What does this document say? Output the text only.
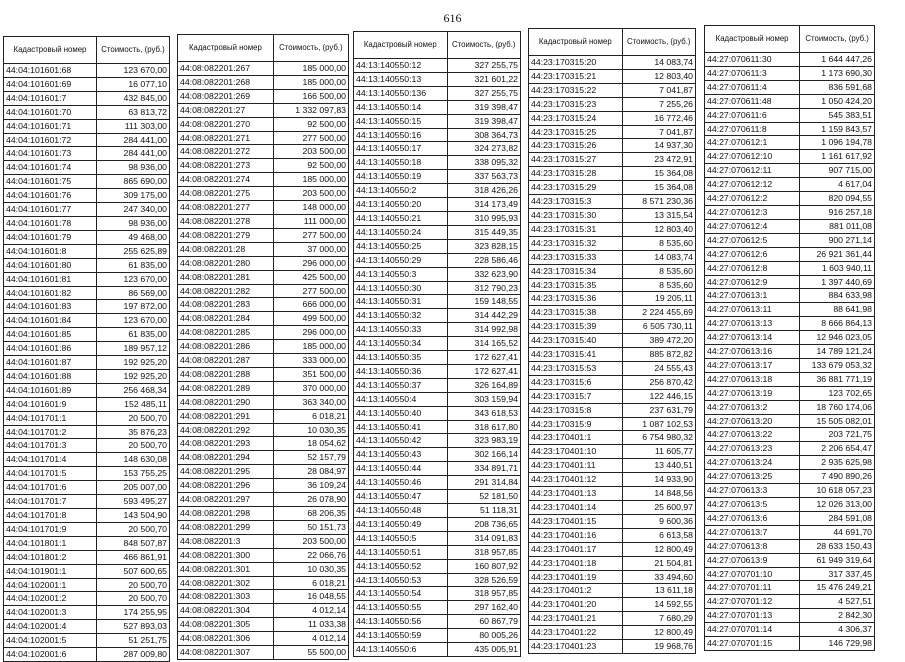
616
Кадастровый номер	Стоимость, (руб.)
44:04:101601:68	123 670,00
44:04:101601:69	16 077,10
44:04:101601:7	432 845,00
44:04:101601:70	63 813,72
44:04:101601:71	111 303,00
44:04:101601:72	284 441,00
44:04:101601:73	284 441,00
44:04:101601:74	98 936,00
44:04:101601:75	865 690,00
44:04:101601:76	309 175,00
44:04:101601:77	247 340,00
44:04:101601:78	98 936,00
44:04:101601:79	49 468,00
44:04:101601:8	255 625,89
44:04:101601:80	61 835,00
44:04:101601:81	123 670,00
44:04:101601:82	86 569,00
44:04:101601:83	197 872,00
44:04:101601:84	123 670,00
44:04:101601:85	61 835,00
44:04:101601:86	189 957,12
44:04:101601:87	192 925,20
44:04:101601:88	192 925,20
44:04:101601:89	256 468,34
44:04:101601:9	152 485,11
44:04:101701:1	20 500,70
44:04:101701:2	35 876,23
44:04:101701:3	20 500,70
44:04:101701:4	148 630,08
44:04:101701:5	153 755,25
44:04:101701:6	205 007,00
44:04:101701:7	593 495,27
44:04:101701:8	143 504,90
44:04:101701:9	20 500,70
44:04:101801:1	848 507,87
44:04:101801:2	466 861,91
44:04:101901:1	507 600,65
44:04:102001:1	20 500,70
44:04:102001:2	20 500,70
44:04:102001:3	174 255,95
44:04:102001:4	527 893,03
44:04:102001:5	51 251,75
44:04:102001:6	287 009,80
Кадастровый номер	Стоимость, (руб.)
44:08:082201:267	185 000,00
44:08:082201:268	185 000,00
44:08:082201:269	166 500,00
44:08:082201:27	1 332 097,83
44:08:082201:270	92 500,00
44:08:082201:271	277 500,00
44:08:082201:272	203 500,00
44:08:082201:273	92 500,00
44:08:082201:274	185 000,00
44:08:082201:275	203 500,00
44:08:082201:277	148 000,00
44:08:082201:278	111 000,00
44:08:082201:279	277 500,00
44:08:082201:28	37 000,00
44:08:082201:280	296 000,00
44:08:082201:281	425 500,00
44:08:082201:282	277 500,00
44:08:082201:283	666 000,00
44:08:082201:284	499 500,00
44:08:082201:285	296 000,00
44:08:082201:286	185 000,00
44:08:082201:287	333 000,00
44:08:082201:288	351 500,00
44:08:082201:289	370 000,00
44:08:082201:290	363 340,00
44:08:082201:291	6 018,21
44:08:082201:292	10 030,35
44:08:082201:293	18 054,62
44:08:082201:294	52 157,79
44:08:082201:295	28 084,97
44:08:082201:296	36 109,24
44:08:082201:297	26 078,90
44:08:082201:298	68 206,35
44:08:082201:299	50 151,73
44:08:082201:3	203 500,00
44:08:082201:300	22 066,76
44:08:082201:301	10 030,35
44:08:082201:302	6 018,21
44:08:082201:303	16 048,55
44:08:082201:304	4 012,14
44:08:082201:305	11 033,38
44:08:082201:306	4 012,14
44:08:082201:307	55 500,00
Кадастровый номер	Стоимость, (руб.)
44:13:140550:12	327 255,75
44:13:140550:13	321 601,22
44:13:140550:136	327 255,75
44:13:140550:14	319 398,47
44:13:140550:15	319 398,47
44:13:140550:16	308 364,73
44:13:140550:17	324 273,82
44:13:140550:18	338 095,32
44:13:140550:19	337 563,73
44:13:140550:2	318 426,26
44:13:140550:20	314 173,49
44:13:140550:21	310 995,93
44:13:140550:24	315 449,35
44:13:140550:25	323 828,15
44:13:140550:29	228 586,46
44:13:140550:3	332 623,90
44:13:140550:30	312 790,23
44:13:140550:31	159 148,55
44:13:140550:32	314 442,29
44:13:140550:33	314 992,98
44:13:140550:34	314 165,52
44:13:140550:35	172 627,41
44:13:140550:36	172 627,41
44:13:140550:37	326 164,89
44:13:140550:4	303 159,94
44:13:140550:40	343 618,53
44:13:140550:41	318 617,80
44:13:140550:42	323 983,19
44:13:140550:43	302 166,14
44:13:140550:44	334 891,71
44:13:140550:46	291 314,84
44:13:140550:47	52 181,50
44:13:140550:48	51 118,31
44:13:140550:49	208 736,65
44:13:140550:5	314 091,83
44:13:140550:51	318 957,85
44:13:140550:52	160 807,92
44:13:140550:53	328 526,59
44:13:140550:54	318 957,85
44:13:140550:55	297 162,40
44:13:140550:56	60 867,79
44:13:140550:59	80 005,26
44:13:140550:6	435 005,91
Кадастровый номер	Стоимость, (руб.)
44:23:170315:20	14 083,74
44:23:170315:21	12 803,40
44:23:170315:22	7 041,87
44:23:170315:23	7 255,26
44:23:170315:24	16 772,46
44:23:170315:25	7 041,87
44:23:170315:26	14 937,30
44:23:170315:27	23 472,91
44:23:170315:28	15 364,08
44:23:170315:29	15 364,08
44:23:170315:3	8 571 230,36
44:23:170315:30	13 315,54
44:23:170315:31	12 803,40
44:23:170315:32	8 535,60
44:23:170315:33	14 083,74
44:23:170315:34	8 535,60
44:23:170315:35	8 535,60
44:23:170315:36	19 205,11
44:23:170315:38	2 224 455,69
44:23:170315:39	6 505 730,11
44:23:170315:40	389 472,20
44:23:170315:41	885 872,82
44:23:170315:53	24 555,43
44:23:170315:6	256 870,42
44:23:170315:7	122 446,15
44:23:170315:8	237 631,79
44:23:170315:9	1 087 102,53
44:23:170401:1	6 754 980,32
44:23:170401:10	11 605,77
44:23:170401:11	13 440,51
44:23:170401:12	14 933,90
44:23:170401:13	14 848,56
44:23:170401:14	25 600,97
44:23:170401:15	9 600,36
44:23:170401:16	6 613,58
44:23:170401:17	12 800,49
44:23:170401:18	21 504,81
44:23:170401:19	33 494,60
44:23:170401:2	13 611,18
44:23:170401:20	14 592,55
44:23:170401:21	7 680,29
44:23:170401:22	12 800,49
44:23:170401:23	19 968,76
Кадастровый номер	Стоимость, (руб.)
44:27:070611:30	1 644 447,26
44:27:070611:3	1 173 690,30
44:27:070611:4	836 591,68
44:27:070611:48	1 050 424,20
44:27:070611:6	545 383,51
44:27:070611:8	1 159 843,57
44:27:070612:1	1 096 194,78
44:27:070612:10	1 161 617,92
44:27:070612:11	907 715,00
44:27:070612:12	4 617,04
44:27:070612:2	820 094,55
44:27:070612:3	916 257,18
44:27:070612:4	881 011,08
44:27:070612:5	900 271,14
44:27:070612:6	26 921 361,44
44:27:070612:8	1 603 940,11
44:27:070612:9	1 397 440,69
44:27:070613:1	884 633,98
44:27:070613:11	88 641,98
44:27:070613:13	8 666 864,13
44:27:070613:14	12 946 023,05
44:27:070613:16	14 789 121,24
44:27:070613:17	133 679 053,32
44:27:070613:18	36 881 771,19
44:27:070613:19	123 702,65
44:27:070613:2	18 760 174,06
44:27:070613:20	15 505 082,01
44:27:070613:22	203 721,75
44:27:070613:23	2 206 654,47
44:27:070613:24	2 935 625,98
44:27:070613:25	7 490 890,26
44:27:070613:3	10 618 057,23
44:27:070613:5	12 026 313,00
44:27:070613:6	284 591,08
44:27:070613:7	44 691,70
44:27:070613:8	28 633 150,43
44:27:070613:9	61 949 319,64
44:27:070701:10	317 337,45
44:27:070701:11	15 476 249,21
44:27:070701:12	4 527,51
44:27:070701:13	2 842,30
44:27:070701:14	4 306,37
44:27:070701:15	146 729,98
